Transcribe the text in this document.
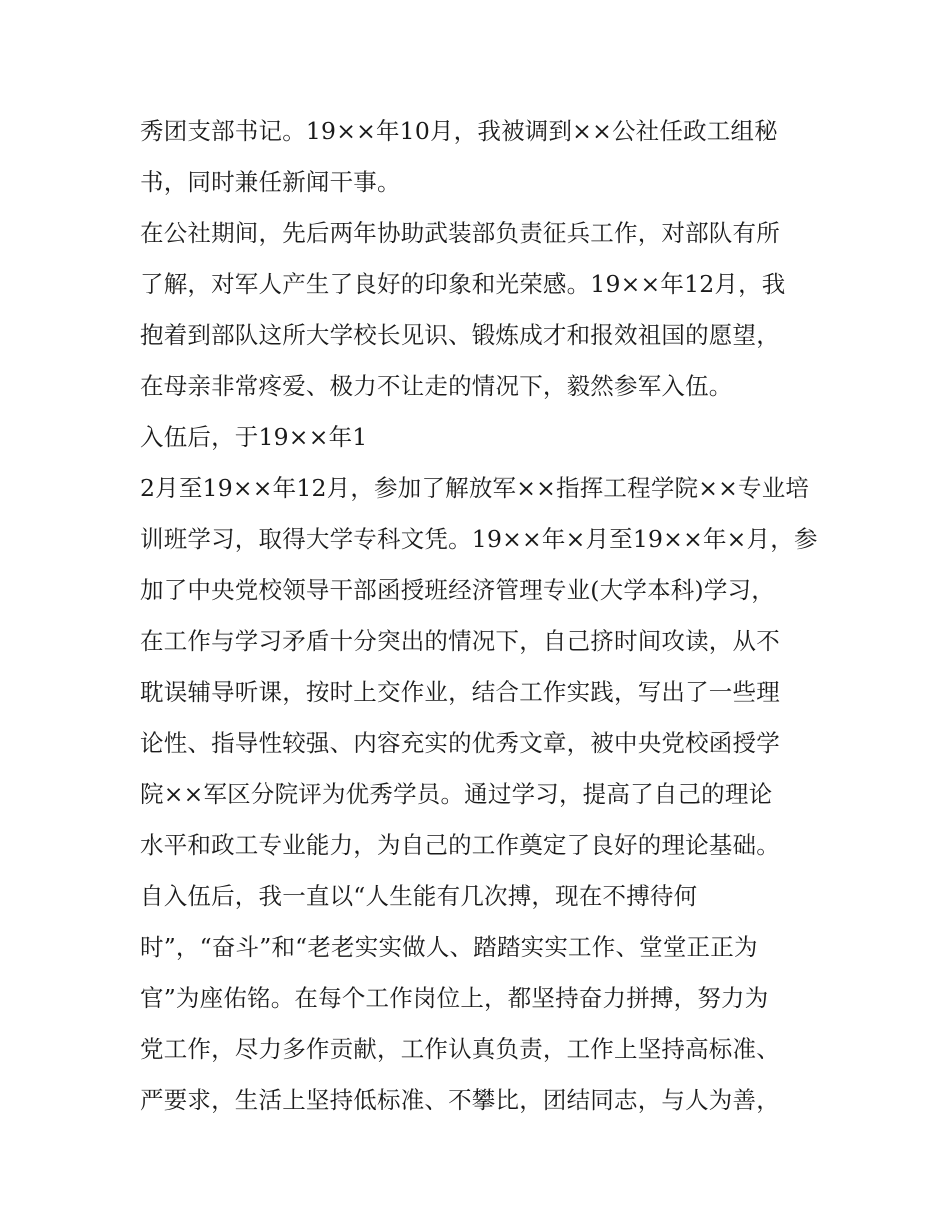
秀团支部书记。19××年10月，我被调到××公社任政工组秘
书，同时兼任新闻干事。
在公社期间，先后两年协助武装部负责征兵工作，对部队有所
了解，对军人产生了良好的印象和光荣感。19××年12月，我
抱着到部队这所大学校长见识、锻炼成才和报效祖国的愿望，
在母亲非常疼爱、极力不让走的情况下，毅然参军入伍。
入伍后，于19××年1
2月至19××年12月，参加了解放军××指挥工程学院××专业培
训班学习，取得大学专科文凭。19××年×月至19××年×月，参
加了中央党校领导干部函授班经济管理专业(大学本科)学习，
在工作与学习矛盾十分突出的情况下，自己挤时间攻读，从不
耽误辅导听课，按时上交作业，结合工作实践，写出了一些理
论性、指导性较强、内容充实的优秀文章，被中央党校函授学
院××军区分院评为优秀学员。通过学习，提高了自己的理论
水平和政工专业能力，为自己的工作奠定了良好的理论基础。
自入伍后，我一直以“人生能有几次搏，现在不搏待何
时”，“奋斗”和“老老实实做人、踏踏实实工作、堂堂正正为
官”为座佑铭。在每个工作岗位上，都坚持奋力拼搏，努力为
党工作，尽力多作贡献，工作认真负责，工作上坚持高标准、
严要求，生活上坚持低标准、不攀比，团结同志，与人为善，
